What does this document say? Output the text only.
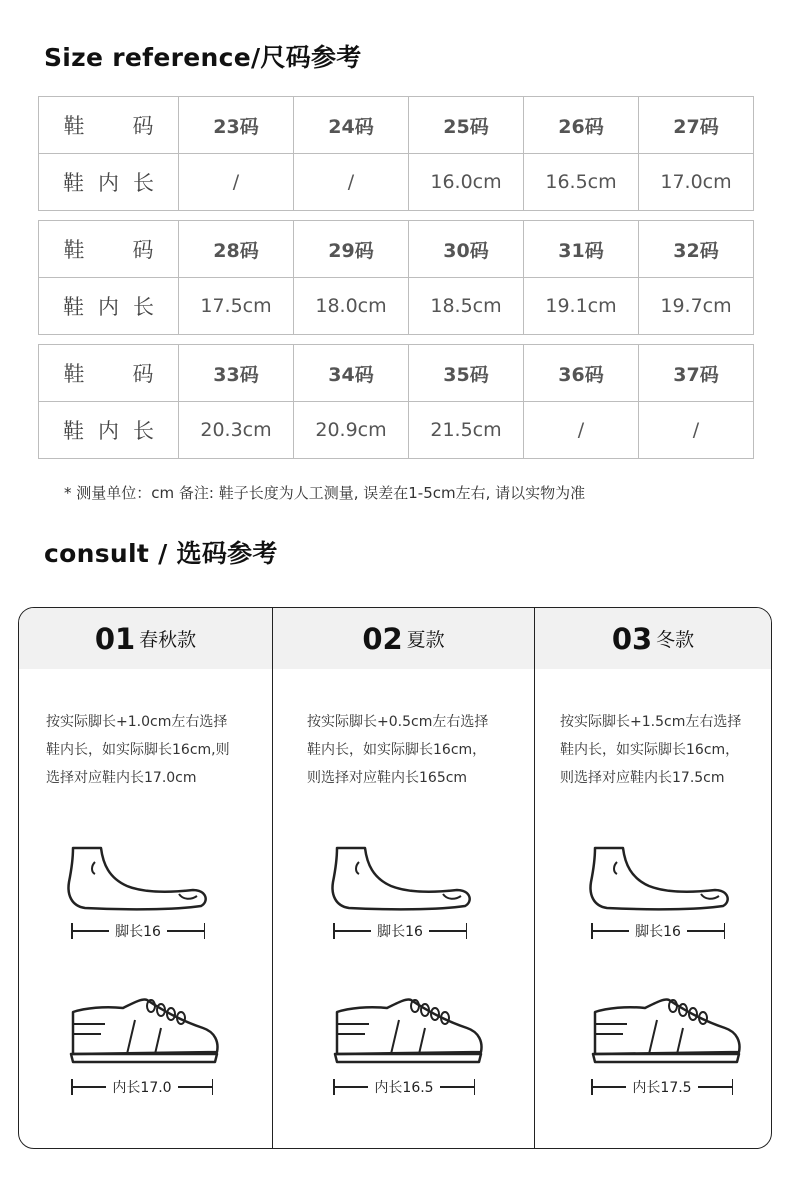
Size reference/尺码参考
鞋 码	23码	24码	25码	26码	27码
鞋 内 长	/	/	16.0cm	16.5cm	17.0cm
鞋 码	28码	29码	30码	31码	32码
鞋 内 长	17.5cm	18.0cm	18.5cm	19.1cm	19.7cm
鞋 码	33码	34码	35码	36码	37码
鞋 内 长	20.3cm	20.9cm	21.5cm	/	/
* 测量单位：cm 备注: 鞋子长度为人工测量, 误差在1-5cm左右, 请以实物为准
consult / 选码参考
01 春秋款
按实际脚长+1.0cm左右选择
鞋内长，如实际脚长16cm,则
选择对应鞋内长17.0cm
脚长16
内长17.0
02 夏款
按实际脚长+0.5cm左右选择
鞋内长，如实际脚长16cm，
则选择对应鞋内长165cm
脚长16
内长16.5
03 冬款
按实际脚长+1.5cm左右选择
鞋内长，如实际脚长16cm，
则选择对应鞋内长17.5cm
脚长16
内长17.5
